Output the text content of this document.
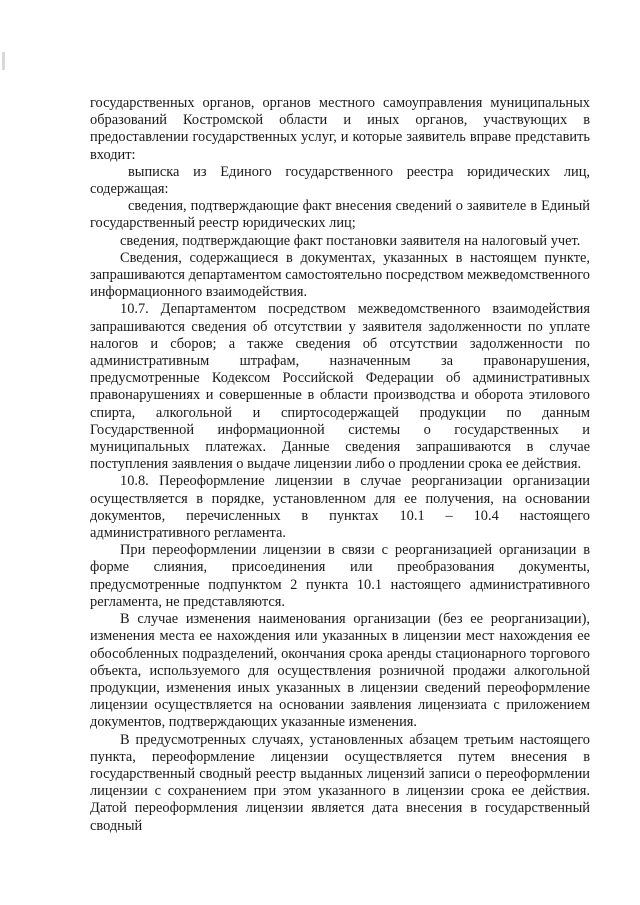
государственных органов, органов местного самоуправления муниципальных образований Костромской области и иных органов, участвующих в предоставлении государственных услуг, и которые заявитель вправе представить входит:

выписка из Единого государственного реестра юридических лиц, содержащая:

сведения, подтверждающие факт внесения сведений о заявителе в Единый государственный реестр юридических лиц;

сведения, подтверждающие факт постановки заявителя на налоговый учет.

Сведения, содержащиеся в документах, указанных в настоящем пункте, запрашиваются департаментом самостоятельно посредством межведомственного информационного взаимодействия.

10.7. Департаментом посредством межведомственного взаимодействия запрашиваются сведения об отсутствии у заявителя задолженности по уплате налогов и сборов; а также сведения об отсутствии задолженности по административным штрафам, назначенным за правонарушения, предусмотренные Кодексом Российской Федерации об административных правонарушениях и совершенные в области производства и оборота этилового спирта, алкогольной и спиртосодержащей продукции по данным Государственной информационной системы о государственных и муниципальных платежах. Данные сведения запрашиваются в случае поступления заявления о выдаче лицензии либо о продлении срока ее действия.

10.8. Переоформление лицензии в случае реорганизации организации осуществляется в порядке, установленном для ее получения, на основании документов, перечисленных в пунктах 10.1 – 10.4 настоящего административного регламента.

При переоформлении лицензии в связи с реорганизацией организации в форме слияния, присоединения или преобразования документы, предусмотренные подпунктом 2 пункта 10.1 настоящего административного регламента, не представляются.

В случае изменения наименования организации (без ее реорганизации), изменения места ее нахождения или указанных в лицензии мест нахождения ее обособленных подразделений, окончания срока аренды стационарного торгового объекта, используемого для осуществления розничной продажи алкогольной продукции, изменения иных указанных в лицензии сведений переоформление лицензии осуществляется на основании заявления лицензиата с приложением документов, подтверждающих указанные изменения.

В предусмотренных случаях, установленных абзацем третьим настоящего пункта, переоформление лицензии осуществляется путем внесения в государственный сводный реестр выданных лицензий записи о переоформлении лицензии с сохранением при этом указанного в лицензии срока ее действия. Датой переоформления лицензии является дата внесения в государственный сводный
